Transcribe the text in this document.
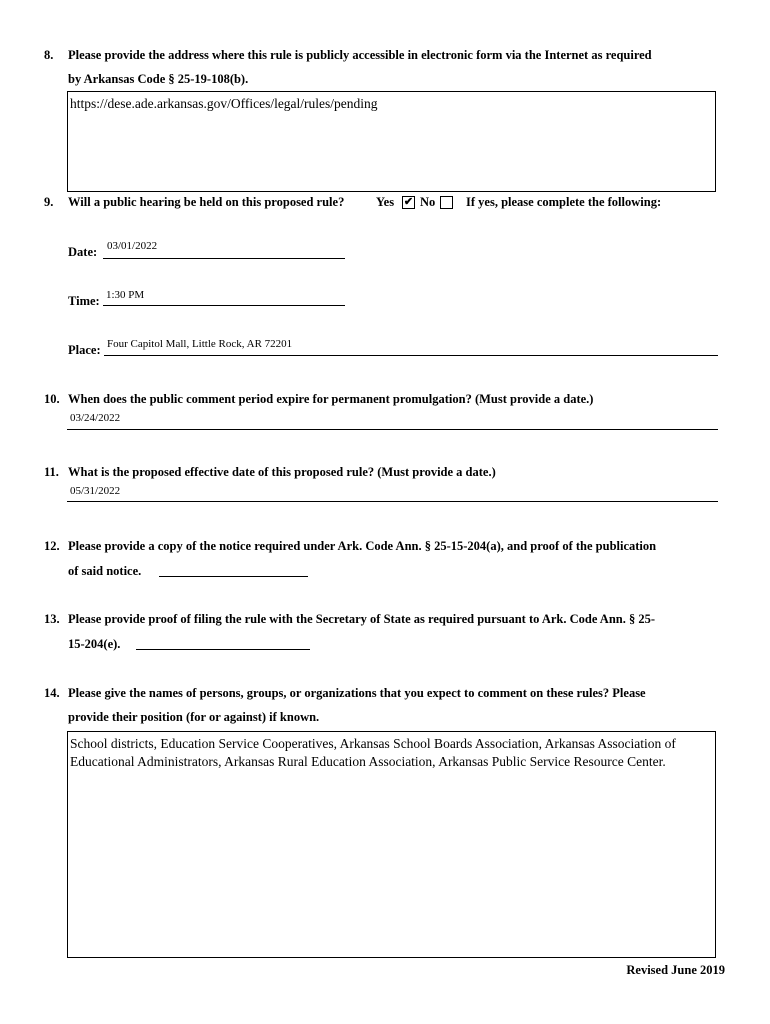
8. Please provide the address where this rule is publicly accessible in electronic form via the Internet as required
by Arkansas Code § 25-19-108(b).
https://dese.ade.arkansas.gov/Offices/legal/rules/pending
9. Will a public hearing be held on this proposed rule?	Yes ✔ No If yes, please complete the following:
Date: 03/01/2022
Time: 1:30 PM
Place: Four Capitol Mall, Little Rock, AR 72201
10. When does the public comment period expire for permanent promulgation? (Must provide a date.)
03/24/2022
11. What is the proposed effective date of this proposed rule? (Must provide a date.)
05/31/2022
12. Please provide a copy of the notice required under Ark. Code Ann. § 25-15-204(a), and proof of the publication
of said notice.
13. Please provide proof of filing the rule with the Secretary of State as required pursuant to Ark. Code Ann. § 25-
15-204(e).
14. Please give the names of persons, groups, or organizations that you expect to comment on these rules? Please
provide their position (for or against) if known.
School districts, Education Service Cooperatives, Arkansas School Boards Association, Arkansas Association of Educational Administrators, Arkansas Rural Education Association, Arkansas Public Service Resource Center.
Revised June 2019
